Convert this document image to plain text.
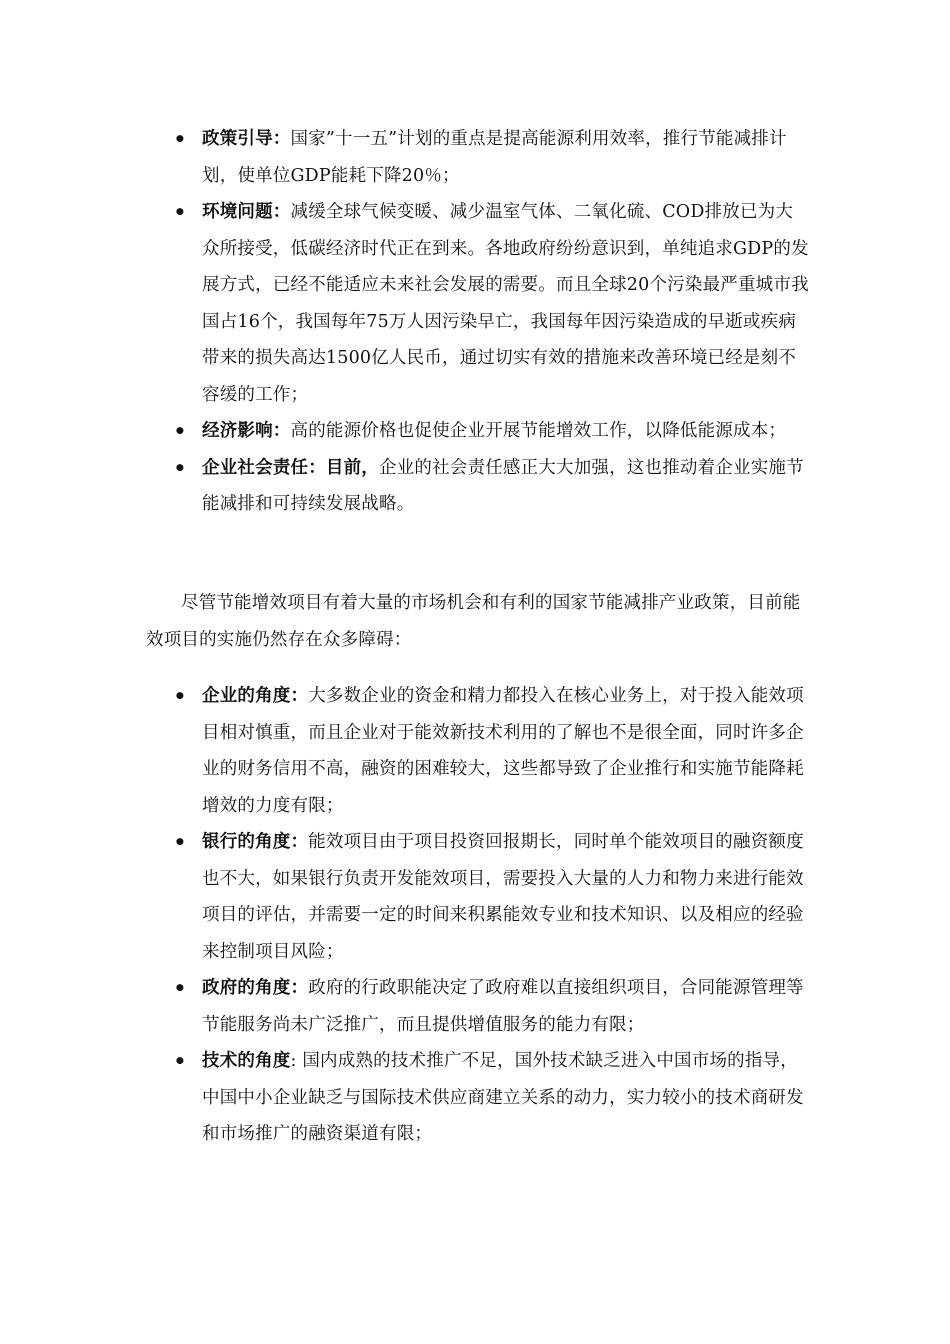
• 政策引导：国家”十一五”计划的重点是提高能源利用效率，推行节能减排计划，使单位GDP能耗下降20％；
• 环境问题：减缓全球气候变暖、减少温室气体、二氧化硫、COD排放已为大众所接受，低碳经济时代正在到来。各地政府纷纷意识到，单纯追求GDP的发展方式，已经不能适应未来社会发展的需要。而且全球20个污染最严重城市我国占16个，我国每年75万人因污染早亡，我国每年因污染造成的早逝或疾病带来的损失高达1500亿人民币，通过切实有效的措施来改善环境已经是刻不容缓的工作；
• 经济影响：高的能源价格也促使企业开展节能增效工作，以降低能源成本；
• 企业社会责任：目前，企业的社会责任感正大大加强，这也推动着企业实施节能减排和可持续发展战略。

尽管节能增效项目有着大量的市场机会和有利的国家节能减排产业政策，目前能效项目的实施仍然存在众多障碍：

• 企业的角度：大多数企业的资金和精力都投入在核心业务上，对于投入能效项目相对慎重，而且企业对于能效新技术利用的了解也不是很全面，同时许多企业的财务信用不高，融资的困难较大，这些都导致了企业推行和实施节能降耗增效的力度有限；
• 银行的角度：能效项目由于项目投资回报期长，同时单个能效项目的融资额度也不大，如果银行负责开发能效项目，需要投入大量的人力和物力来进行能效项目的评估，并需要一定的时间来积累能效专业和技术知识、以及相应的经验来控制项目风险；
• 政府的角度：政府的行政职能决定了政府难以直接组织项目，合同能源管理等节能服务尚未广泛推广，而且提供增值服务的能力有限；
• 技术的角度: 国内成熟的技术推广不足，国外技术缺乏进入中国市场的指导， 中国中小企业缺乏与国际技术供应商建立关系的动力，实力较小的技术商研发和市场推广的融资渠道有限；
